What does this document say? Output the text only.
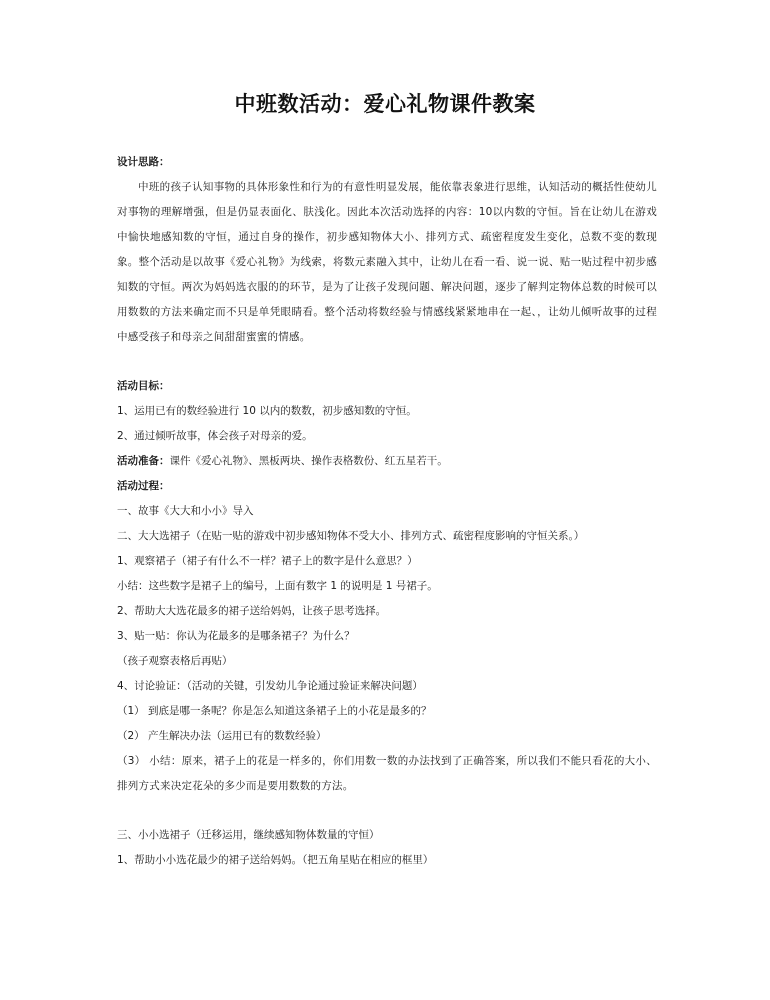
中班数活动：爱心礼物课件教案

设计思路：

中班的孩子认知事物的具体形象性和行为的有意性明显发展，能依靠表象进行思维，认知活动的概括性使幼儿对事物的理解增强，但是仍显表面化、肤浅化。因此本次活动选择的内容：10以内数的守恒。旨在让幼儿在游戏中愉快地感知数的守恒，通过自身的操作，初步感知物体大小、排列方式、疏密程度发生变化，总数不变的数现象。整个活动是以故事《爱心礼物》为线索，将数元素融入其中，让幼儿在看一看、说一说、贴一贴过程中初步感知数的守恒。两次为妈妈选衣服的的环节，是为了让孩子发现问题、解决问题，逐步了解判定物体总数的时候可以用数数的方法来确定而不只是单凭眼睛看。整个活动将数经验与情感线紧紧地串在一起、，让幼儿倾听故事的过程中感受孩子和母亲之间甜甜蜜蜜的情感。

活动目标：

1、运用已有的数经验进行 10 以内的数数，初步感知数的守恒。

2、通过倾听故事，体会孩子对母亲的爱。

活动准备：课件《爱心礼物》、黑板两块、操作表格数份、红五星若干。

活动过程：

一、故事《大大和小小》导入

二、大大选裙子（在贴一贴的游戏中初步感知物体不受大小、排列方式、疏密程度影响的守恒关系。）

1、观察裙子（裙子有什么不一样？裙子上的数字是什么意思？）

小结：这些数字是裙子上的编号，上面有数字 1 的说明是 1 号裙子。

2、帮助大大选花最多的裙子送给妈妈，让孩子思考选择。

3、贴一贴：你认为花最多的是哪条裙子？为什么？

（孩子观察表格后再贴）

4、讨论验证：（活动的关键，引发幼儿争论通过验证来解决问题）

（1） 到底是哪一条呢？你是怎么知道这条裙子上的小花是最多的？

（2） 产生解决办法（运用已有的数数经验）

（3） 小结：原来，裙子上的花是一样多的，你们用数一数的办法找到了正确答案，所以我们不能只看花的大小、排列方式来决定花朵的多少而是要用数数的方法。

三、小小选裙子（迁移运用，继续感知物体数量的守恒）

1、帮助小小选花最少的裙子送给妈妈。（把五角星贴在相应的框里）
